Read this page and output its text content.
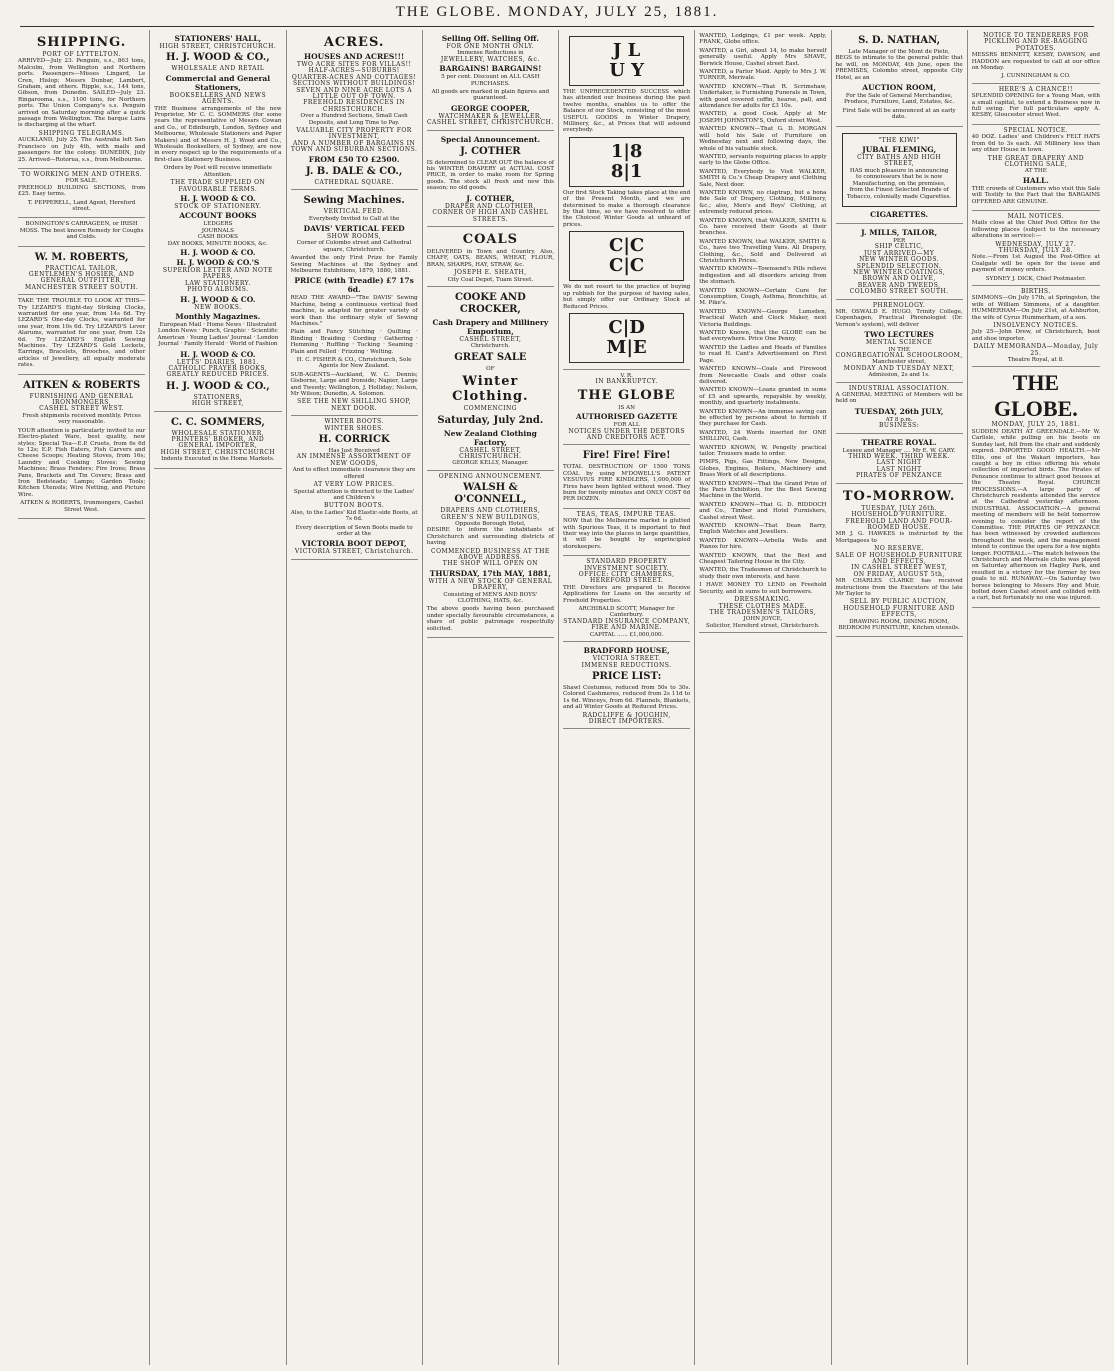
THE GLOBE. MONDAY, JULY 25, 1881.
SHIPPING.
PORT OF LYTTELTON.

ARRIVED—July 23. Penguin, s.s., 863 tons, Malcolm, from Wellington and Northern ports. Passengers—Misses Lingard, Le Cren, Hislop; Messrs Dunbar, Lambert, Graham, and others. Ripple, s.s., 144 tons, Gibson, from Dunedin. SAILED—July 23. Ringarooma, s.s., 1100 tons, for Northern ports. The Union Company's s.s. Penguin arrived on Saturday morning after a quick passage from Wellington. The barque Laira is discharging at the wharf.

SHIPPING TELEGRAMS.

AUCKLAND, July 25. The Australia left San Francisco on July 4th, with mails and passengers for the colony. DUNEDIN, July 25. Arrived—Rotorua, s.s., from Melbourne.

TO WORKING MEN AND OTHERS.
FOR SALE.

FREEHOLD BUILDING SECTIONS, from £25. Easy terms.

T. PEPPERELL, Land Agent, Hereford street.

BONINGTON'S CARRAGEEN, or IRISH MOSS. The best known Remedy for Coughs and Colds.

W. M. ROBERTS,
PRACTICAL TAILOR, GENTLEMEN'S HOSIER, AND GENERAL OUTFITTER,
MANCHESTER STREET SOUTH.

TAKE THE TROUBLE TO LOOK AT THIS— Try LEZARD'S Eight-day Striking Clocks, warranted for one year, from 14s 6d. Try LEZARD'S One-day Clocks, warranted for one year, from 10s 6d. Try LEZARD'S Lever Alarums, warranted for one year, from 12s 6d. Try LEZARD'S English Sewing Machines. Try LEZARD'S Gold Lockets, Earrings, Bracelets, Brooches, and other articles of Jewellery, all equally moderate rates.

AITKEN & ROBERTS
FURNISHING AND GENERAL IRONMONGERS,
CASHEL STREET WEST.

Fresh shipments received monthly. Prices very reasonable.

YOUR attention is particularly invited to our Electro-plated Ware, best quality, new styles; Special Tea—E.P. Cruets, from 6s 6d to 12s; E.P. Fish Eaters, Fish Carvers and Cheese Scoops; Heating Stoves, from 16s; Laundry and Cooking Stoves; Sewing Machines; Brass Fenders; Fire Irons; Brass Pans, Brackets and Tin Covers; Brass and Iron Bedsteads; Lamps; Garden Tools; Kitchen Utensils; Wire Netting, and Picture Wire.

AITKEN & ROBERTS, Ironmongers, Cashel Street West.

STATIONERS' HALL,
HIGH STREET, CHRISTCHURCH.
H. J. WOOD & CO.,
WHOLESALE AND RETAIL
Commercial and General Stationers,
BOOKSELLERS AND NEWS AGENTS.

THE Business arrangements of the new Proprietor, Mr C. C. SOMMERS (for some years the representative of Messrs Cowan and Co., of Edinburgh, London, Sydney and Melbourne, Wholesale Stationers and Paper Makers) and of Messrs H. J. Wood and Co., Wholesale Booksellers, of Sydney, are now in every respect up to the requirements of a first-class Stationery Business.

Orders by Post will receive immediate Attention.

THE TRADE SUPPLIED ON FAVOURABLE TERMS.
H. J. WOOD & CO.
STOCK OF STATIONERY.
ACCOUNT BOOKS
LEDGERS
JOURNALS
CASH BOOKS
DAY BOOKS, MINUTE BOOKS, &c.
H. J. WOOD & CO.
H. J. WOOD & CO.'S
SUPERIOR LETTER AND NOTE PAPERS,
LAW STATIONERY.
PHOTO ALBUMS.
H. J. WOOD & CO.
NEW BOOKS.
Monthly Magazines.

European Mail · Home News · Illustrated London News · Punch, Graphic · Scientific American · Young Ladies' Journal · London Journal · Family Herald · World of Fashion

H. J. WOOD & CO.
LETTS' DIARIES, 1881.
CATHOLIC PRAYER BOOKS,
GREATLY REDUCED PRICES.
H. J. WOOD & CO.,
STATIONERS,
HIGH STREET,
C. C. SOMMERS,
WHOLESALE STATIONER, PRINTERS' BROKER, AND GENERAL IMPORTER,
HIGH STREET, CHRISTCHURCH

Indents Executed in the Home Markets.

ACRES.
HOUSES AND ACRES!!!
TWO ACRE SITES FOR VILLAS!!
HALF-ACRES—SUBURBS!
QUARTER-ACRES AND COTTAGES!
SECTIONS WITHOUT BUILDINGS!
SEVEN AND NINE ACRE LOTS A LITTLE OUT OF TOWN.
FREEHOLD RESIDENCES IN CHRISTCHURCH.

Over a Hundred Sections, Small Cash Deposits, and Long Time to Pay.

VALUABLE CITY PROPERTY FOR INVESTMENT,
AND A NUMBER OF BARGAINS IN TOWN AND SUBURBAN SECTIONS.
FROM £50 TO £2500.
J. B. DALE & CO.,
CATHEDRAL SQUARE.
Sewing Machines.
VERTICAL FEED.

Everybody Invited to Call at the

DAVIS' VERTICAL FEED
SHOW ROOMS,

Corner of Colombo street and Cathedral square, Christchurch.

Awarded the only First Prize for Family Sewing Machines at the Sydney and Melbourne Exhibitions, 1879, 1880, 1881.

PRICE (with Treadle) £7 17s 6d.

READ THE AWARD—"The DAVIS' Sewing Machine, being a continuous vertical feed machine, is adapted for greater variety of work than the ordinary style of Sewing Machines."

Plain and Fancy Stitching · Quilting · Binding · Braiding · Cording · Gathering · Hemming · Ruffling · Tucking · Seaming · Plain and Felled · Frizzing · Welting.

H. C. FISHER & CO., Christchurch, Sole Agents for New Zealand.

SUB-AGENTS—Auckland, W. C. Dennis; Gisborne, Large and Ironside; Napier, Large and Tweedy; Wellington, J. Holliday; Nelson, Mr Wilson; Dunedin, A. Solomon.

SEE THE NEW SHILLING SHOP, NEXT DOOR.
WINTER BOOTS.
WINTER SHOES.
H. CORRICK
Has Just Received
AN IMMENSE ASSORTMENT OF NEW GOODS,

And to effect immediate clearance they are offered

AT VERY LOW PRICES.

Special attention is directed to the Ladies' and Children's

BUTTON BOOTS.

Also, to the Ladies' Kid Elastic-side Boots, at 7s 6d.

Every description of Sewn Boots made to order at the

VICTORIA BOOT DEPOT,
VICTORIA STREET, Christchurch.
Selling Off. Selling Off.
FOR ONE MONTH ONLY.
Immense Reductions in
JEWELLERY, WATCHES, &c.
BARGAINS! BARGAINS!

5 per cent. Discount on ALL CASH PURCHASES.

All goods are marked in plain figures and guaranteed.

GEORGE COOPER,
WATCHMAKER & JEWELLER,
CASHEL STREET, CHRISTCHURCH.
Special Announcement.
J. COTHER

IS determined to CLEAR OUT the balance of his WINTER DRAPERY at ACTUAL COST PRICE, in order to make room for Spring goods. The stock all fresh and new this season; no old goods.

J. COTHER,
DRAPER AND CLOTHIER,
CORNER OF HIGH AND CASHEL STREETS.
COALS

DELIVERED in Town and Country. Also, CHAFF, OATS, BEANS, WHEAT, FLOUR, BRAN, SHARPS, HAY, STRAW, &c.

JOSEPH E. SHEATH,
City Coal Depot, Tuam Street.
COOKE AND CROCKER,
Cash Drapery and Millinery Emporium,
CASHEL STREET,
Christchurch.
GREAT SALE
OF
Winter Clothing.
COMMENCING
Saturday, July 2nd.
New Zealand Clothing Factory,
CASHEL STREET,
CHRISTCHURCH.
GEORGE KELLY, Manager.
OPENING ANNOUNCEMENT.
WALSH & O'CONNELL,
DRAPERS AND CLOTHIERS,
GREEN'S NEW BUILDINGS,
Opposite Borough Hotel,

DESIRE to inform the inhabitants of Christchurch and surrounding districts of having

COMMENCED BUSINESS AT THE ABOVE ADDRESS.
THE SHOP WILL OPEN ON
THURSDAY, 17th MAY, 1881,
WITH A NEW STOCK OF GENERAL DRAPERY,

Consisting of MEN'S AND BOYS' CLOTHING, HATS, &c.

The above goods having been purchased under specially favourable circumstances, a share of public patronage respectfully solicited.

J L
U Y

THE UNPRECEDENTED SUCCESS which has attended our business during the past twelve months, enables us to offer the Balance of our Stock, consisting of the most USEFUL GOODS in Winter Drapery, Millinery, &c., at Prices that will astound everybody.

1|8
8|1

Our first Stock Taking takes place at the end of the Present Month, and we are determined to make a thorough clearance by that time, so we have resolved to offer the Choicest Winter Goods at unheard of prices.

C|C
C|C

We do not resort to the practice of buying up rubbish for the purpose of having sales, but simply offer our Ordinary Stock at Reduced Prices.

C|D
M|E
V. R.
IN BANKRUPTCY.
THE GLOBE
IS AN
AUTHORISED GAZETTE
FOR ALL
NOTICES UNDER THE DEBTORS AND CREDITORS ACT.
Fire! Fire! Fire!

TOTAL DESTRUCTION OF 1500 TONS COAL by using M'DOWELL'S PATENT VESUVIUS FIRE KINDLERS, 1,000,000 of Fires have been lighted without wood. They burn for twenty minutes and ONLY COST 6d PER DOZEN.

TEAS, TEAS, IMPURE TEAS.

NOW that the Melbourne market is glutted with Spurious Teas, it is important to find their way into the places in large quantities, it will be bought by unprincipled storekeepers.

STANDARD PROPERTY INVESTMENT SOCIETY.
OFFICE: CITY CHAMBERS, HEREFORD STREET.

THE Directors are prepared to Receive Applications for Loans on the security of Freehold Properties.

ARCHIBALD SCOTT, Manager for Canterbury.
STANDARD INSURANCE COMPANY,
FIRE AND MARINE.
CAPITAL ...... £1,000,000.
BRADFORD HOUSE,
VICTORIA STREET.
IMMENSE REDUCTIONS.
PRICE LIST:

Shawl Costumes, reduced from 50s to 30s. Colored Cashmeres, reduced from 2s 11d to 1s 6d. Winceys, from 6d. Flannels, Blankets, and all Winter Goods at Reduced Prices.

RADCLIFFE & JOUGHIN,
DIRECT IMPORTERS.

WANTED, Lodgings, £1 per week. Apply, FRANK, Globe office.

WANTED, a Girl, about 14, to make herself generally useful. Apply Mrs SHAVE, Berwick House, Cashel street East.

WANTED, a Parlor Maid. Apply to Mrs J. W. TURNER, Merivale.

WANTED KNOWN—That R. Scrimshaw, Undertaker, is Furnishing Funerals in Town, with good covered coffin, hearse, pall, and attendance for adults for £3 10s.

WANTED, a good Cook. Apply at Mr JOSEPH JOHNSTON'S, Oxford street West.

WANTED KNOWN—That G. D. MORGAN will hold his Sale of Furniture on Wednesday next and following days, the whole of his valuable stock.

WANTED, servants requiring places to apply early to the Globe Office.

WANTED, Everybody to Visit WALKER, SMITH & Co.'s Cheap Drapery and Clothing Sale, Next door.

WANTED KNOWN, no claptrap, but a bona fide Sale of Drapery, Clothing, Millinery, &c.; also, Men's and Boys' Clothing, at extremely reduced prices.

WANTED KNOWN, that WALKER, SMITH & Co. have received their Goods at their branches.

WANTED KNOWN, that WALKER, SMITH & Co., have two Travelling Vans. All Drapery, Clothing, &c., Sold and Delivered at Christchurch Prices.

WANTED KNOWN—Townsend's Pills relieve indigestion and all disorders arising from the stomach.

WANTED KNOWN—Certain Cure for Consumption, Cough, Asthma, Bronchitis, at M. Pike's.

WANTED KNOWN—George Lumsden, Practical Watch and Clock Maker, next Victoria Buildings.

WANTED Known, that the GLOBE can be had everywhere. Price One Penny.

WANTED the Ladies and Heads of Families to read H. Cant's Advertisement on First Page.

WANTED KNOWN—Coals and Firewood from Newcastle Coals and other coals delivered.

WANTED KNOWN—Loans granted in sums of £5 and upwards, repayable by weekly, monthly, and quarterly instalments.

WANTED KNOWN—An immense saving can be effected by persons about to furnish if they purchase for Cash.

WANTED, 24 Words inserted for ONE SHILLING, Cash.

WANTED KNOWN, W. Pengelly practical tailor. Trousers made to order.

PIMPS, Pigs, Gas Fittings, New Designs, Globes, Engines, Boilers, Machinery and Brass Work of all descriptions.

WANTED KNOWN—That the Grand Prize of the Paris Exhibition, for the Best Sewing Machine in the World.

WANTED KNOWN—That G. D. RIDDOCH and Co., Timber and Hotel Furnishers, Cashel street West.

WANTED KNOWN—That Dean Barry, English Watches and Jewellers.

WANTED KNOWN—Arbella Wells and Pianos for hire.

WANTED KNOWN, that the Best and Cheapest Tailoring House in the City.

WANTED, the Tradesmen of Christchurch to study their own interests, and have

I HAVE MONEY TO LEND on Freehold Security, and in sums to suit borrowers.

DRESSMAKING.
THESE CLOTHES MADE.
THE TRADESMEN'S TAILORS,
JOHN JOYCE,
Solicitor, Hereford street, Christchurch.
S. D. NATHAN,
Late Manager of the Mont de Piete,

BEGS to intimate to the general public that he will, on MONDAY, 4th June, open the PREMISES, Colombo street, opposite City Hotel, as an

AUCTION ROOM,

For the Sale of General Merchandise, Produce, Furniture, Land, Estates, &c.

First Sale will be announced at an early date.

"THE KIWI"
JUBAL FLEMING,
CITY BATHS AND HIGH STREET,

HAS much pleasure in announcing to connoisseurs that he is now Manufacturing, on the premises, from the Finest Selected Brands of Tobacco, colonially made Cigarettes.

CIGARETTES.
J. MILLS, TAILOR,
PER
SHIP CELTIC,
JUST ARRIVED—MY
NEW WINTER GOODS.
SPLENDID SELECTION.
NEW WINTER COATINGS,
BROWN AND OLIVE,
BEAVER AND TWEEDS,
COLOMBO STREET SOUTH.
PHRENOLOGY.

MR. OSWALD E. HUGO, Trinity College, Copenhagen, Practical Phrenologist (Dr. Vernon's system), will deliver

TWO LECTURES
MENTAL SCIENCE
IN THE
CONGREGATIONAL SCHOOLROOM,
Manchester street,
MONDAY AND TUESDAY NEXT,
Admission, 2s and 1s.
INDUSTRIAL ASSOCIATION.

A GENERAL MEETING of Members will be held on

TUESDAY, 26th JULY,
AT 8 p.m.
BUSINESS:
THEATRE ROYAL.
Lessee and Manager .... Mr E. W. CARY.
THIRD WEEK. THIRD WEEK.
LAST NIGHT
LAST NIGHT
PIRATES OF PENZANCE
TO-MORROW.
TUESDAY, JULY 26th.
HOUSEHOLD FURNITURE.
FREEHOLD LAND AND FOUR-ROOMED HOUSE.

MR J. G. HAWKES is instructed by the Mortgagees to

NO RESERVE.
SALE OF HOUSEHOLD FURNITURE AND EFFECTS,
IN CASHEL STREET WEST,
ON FRIDAY, AUGUST 5th,

MR CHARLES CLARKE has received instructions from the Executors of the late Mr Taylor to

SELL BY PUBLIC AUCTION,
HOUSEHOLD FURNITURE AND EFFECTS,

DRAWING ROOM, DINING ROOM, BEDROOM FURNITURE, Kitchen utensils.

NOTICE TO TENDERERS FOR PICKLING AND RE-BAGGING POTATOES.

MESSRS BENNETT, KESBY, DAWSON, and HADDON are requested to call at our office on Monday.

J. CUNNINGHAM & CO.
HERE'S A CHANCE!!

SPLENDID OPENING for a Young Man, with a small capital, to extend a Business now in full swing. For full particulars apply A. KESBY, Gloucester street West.

SPECIAL NOTICE.

40 DOZ. Ladies' and Children's FELT HATS from 6d to 3s each. All Millinery less than any other House in town.

THE GREAT DRAPERY AND CLOTHING SALE,
AT THE
HALL.

THE crowds of Customers who visit this Sale will Testify to the Fact that the BARGAINS OFFERED ARE GENUINE.

MAIL NOTICES.

Mails close at the Chief Post Office for the following places (subject to the necessary alterations in service):—

WEDNESDAY, JULY 27.
THURSDAY, JULY 28.

Note.—From 1st August the Post-Office at Coalgate will be open for the issue and payment of money orders.

SYDNEY J. DICK, Chief Postmaster.
BIRTHS.

SIMMONS—On July 17th, at Springston, the wife of William Simmons, of a daughter. HUMMERHAM—On July 21st, at Ashburton, the wife of Cyrus Hummerham, of a son.

INSOLVENCY NOTICES.

July 25—John Drew, of Christchurch, boot and shoe importer.

DAILY MEMORANDA—Monday, July 25.
Theatre Royal, at 8.
THE GLOBE.
MONDAY, JULY 25, 1881.

SUDDEN DEATH AT GREENDALE.—Mr W. Carlisle, while pulling on his boots on Sunday last, fell from the chair and suddenly expired. IMPORTED GOOD HEALTH.—Mr Ellis, one of the Wakari importers, has caught a boy in cities offering his whole collection of imported birds. The Pirates of Penzance continue to attract good houses at the Theatre Royal. CHURCH PROCESSIONS.—A large party of Christchurch residents attended the service at the Cathedral yesterday afternoon. INDUSTRIAL ASSOCIATION.—A general meeting of members will be held tomorrow evening to consider the report of the Committee. THE PIRATES OF PENZANCE has been witnessed by crowded audiences throughout the week, and the management intend to continue the opera for a few nights longer. FOOTBALL.—The match between the Christchurch and Merivale clubs was played on Saturday afternoon on Hagley Park, and resulted in a victory for the former by two goals to nil. RUNAWAY.—On Saturday two horses belonging to Messrs Hoy and Muir, bolted down Cashel street and collided with a cart, but fortunately no one was injured.
